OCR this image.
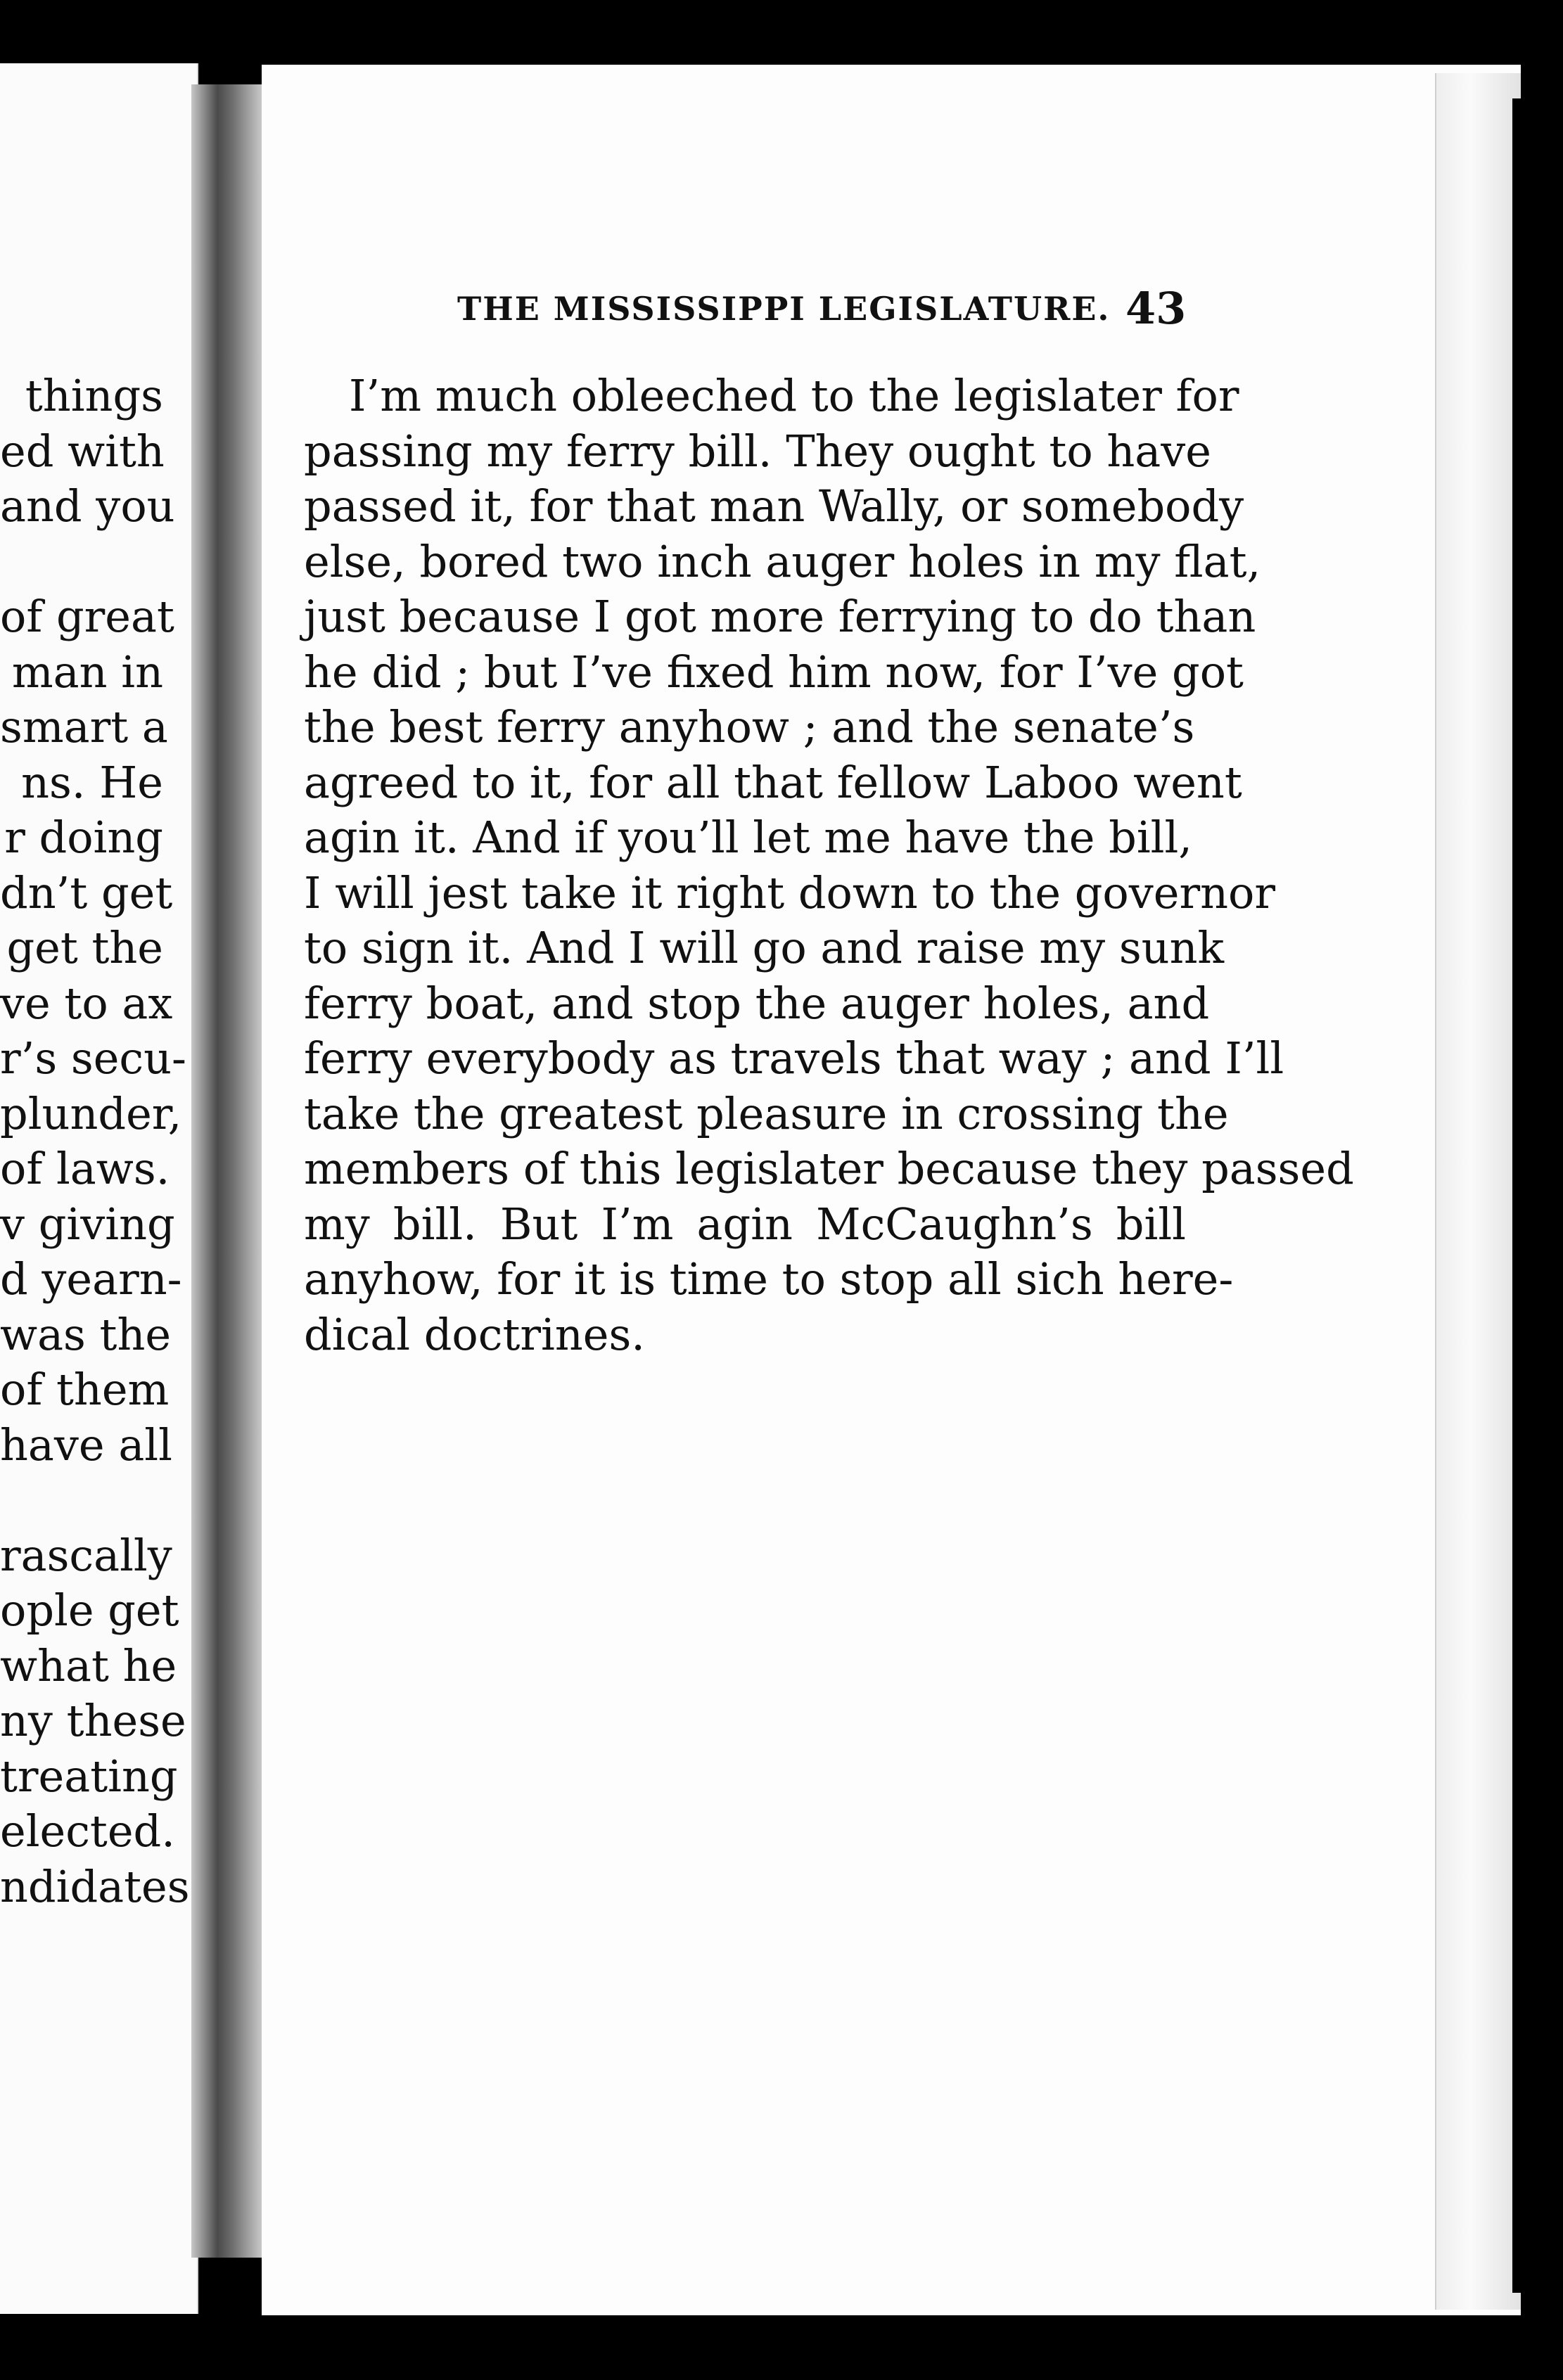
THE MISSISSIPPI LEGISLATURE. 43
I’m much obleeched to the legislater for
passing my ferry bill. They ought to have
passed it, for that man Wally, or somebody
else, bored two inch auger holes in my flat,
just because I got more ferrying to do than
he did ; but I’ve fixed him now, for I’ve got
the best ferry anyhow ; and the senate’s
agreed to it, for all that fellow Laboo went
agin it. And if you’ll let me have the bill,
I will jest take it right down to the governor
to sign it. And I will go and raise my sunk
ferry boat, and stop the auger holes, and
ferry everybody as travels that way ; and I’ll
take the greatest pleasure in crossing the
members of this legislater because they passed
my bill. But I’m agin McCaughn’s bill
anyhow, for it is time to stop all sich here-
dical doctrines.
things
ed with
and you
of great
man in
smart a
ns. He
r doing
dn’t get
get the
ve to ax
r’s secu-
plunder,
of laws.
v giving
d yearn-
was the
of them
have all
rascally
ople get
what he
ny these
treating
elected.
ndidates
